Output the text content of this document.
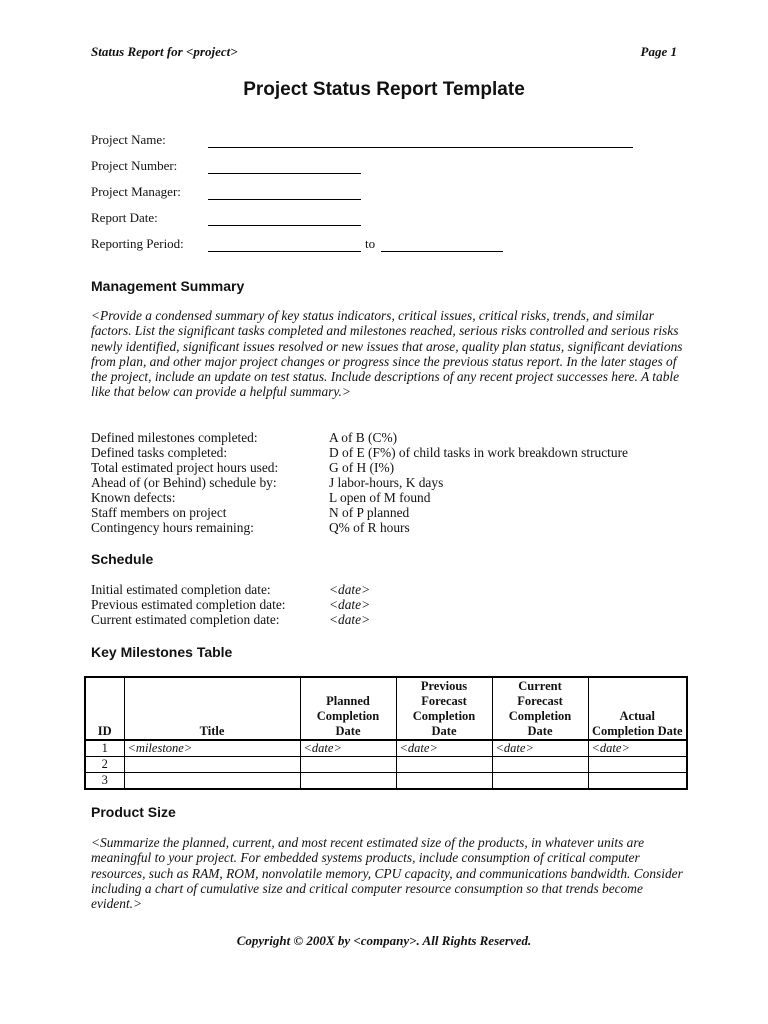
Status Report for <project>	Page 1
Project Status Report Template
Project Name:
Project Number:
Project Manager:
Report Date:
Reporting Period:	to
Management Summary

<Provide a condensed summary of key status indicators, critical issues, critical risks, trends, and similar factors. List the significant tasks completed and milestones reached, serious risks controlled and serious risks newly identified, significant issues resolved or new issues that arose, quality plan status, significant deviations from plan, and other major project changes or progress since the previous status report. In the later stages of the project, include an update on test status. Include descriptions of any recent project successes here. A table like that below can provide a helpful summary.>

Defined milestones completed:	A of B (C%)
Defined tasks completed:	D of E (F%) of child tasks in work breakdown structure
Total estimated project hours used:	G of H (I%)
Ahead of (or Behind) schedule by:	J labor-hours, K days
Known defects:	L open of M found
Staff members on project	N of P planned
Contingency hours remaining:	Q% of R hours
Schedule
Initial estimated completion date:	<date>
Previous estimated completion date:	<date>
Current estimated completion date:	<date>
Key Milestones Table
ID	Title	Planned Completion Date	Previous Forecast Completion Date	Current Forecast Completion Date	Actual Completion Date
1	<milestone>	<date>	<date>	<date>	<date>
2					
3					
Product Size

<Summarize the planned, current, and most recent estimated size of the products, in whatever units are meaningful to your project. For embedded systems products, include consumption of critical computer resources, such as RAM, ROM, nonvolatile memory, CPU capacity, and communications bandwidth. Consider including a chart of cumulative size and critical computer resource consumption so that trends become evident.>

Copyright © 200X by <company>. All Rights Reserved.
